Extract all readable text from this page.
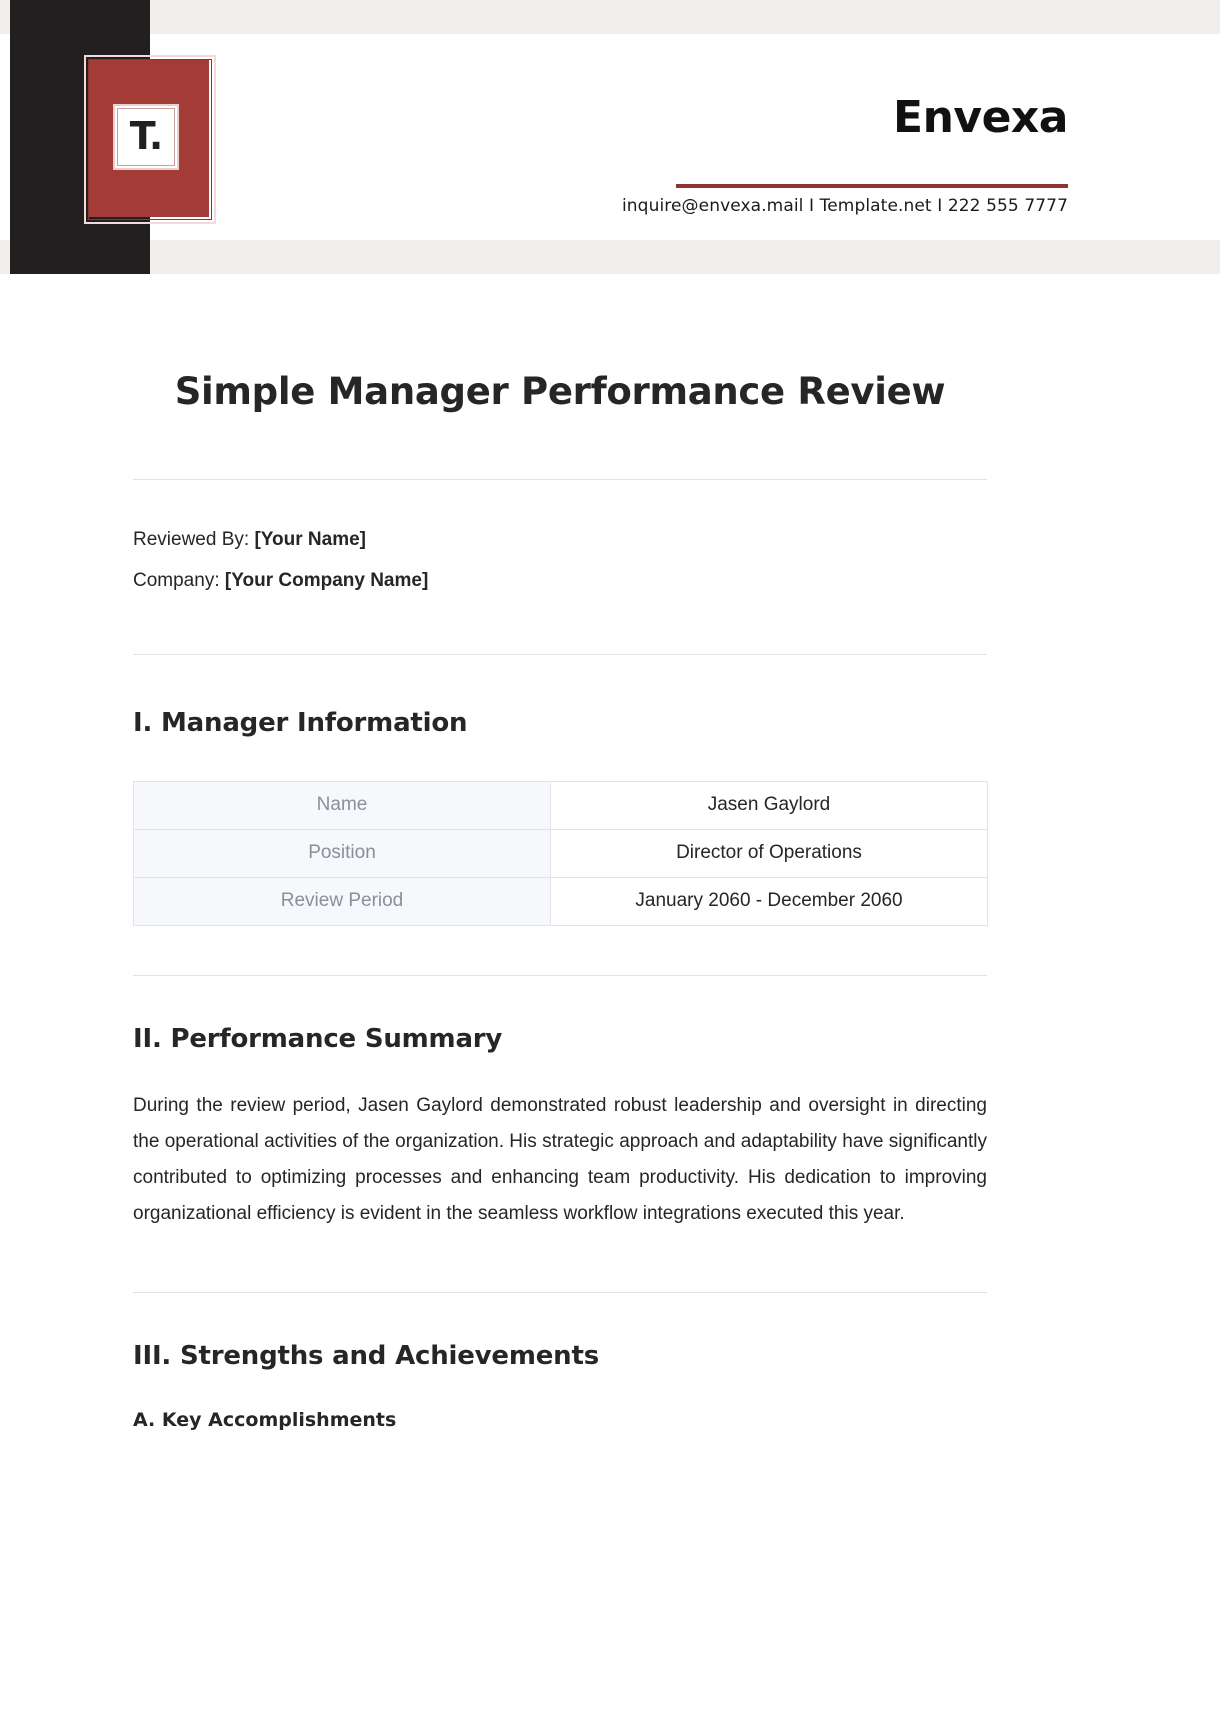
T.	Envexa
inquire@envexa.mail I Template.net I 222 555 7777
Simple Manager Performance Review
Reviewed By: [Your Name]
Company: [Your Company Name]
I. Manager Information
Name	Jasen Gaylord
Position	Director of Operations
Review Period	January 2060 - December 2060
II. Performance Summary

During the review period, Jasen Gaylord demonstrated robust leadership and oversight in directing the operational activities of the organization. His strategic approach and adaptability have significantly contributed to optimizing processes and enhancing team productivity. His dedication to improving organizational efficiency is evident in the seamless workflow integrations executed this year.

III. Strengths and Achievements
A. Key Accomplishments
